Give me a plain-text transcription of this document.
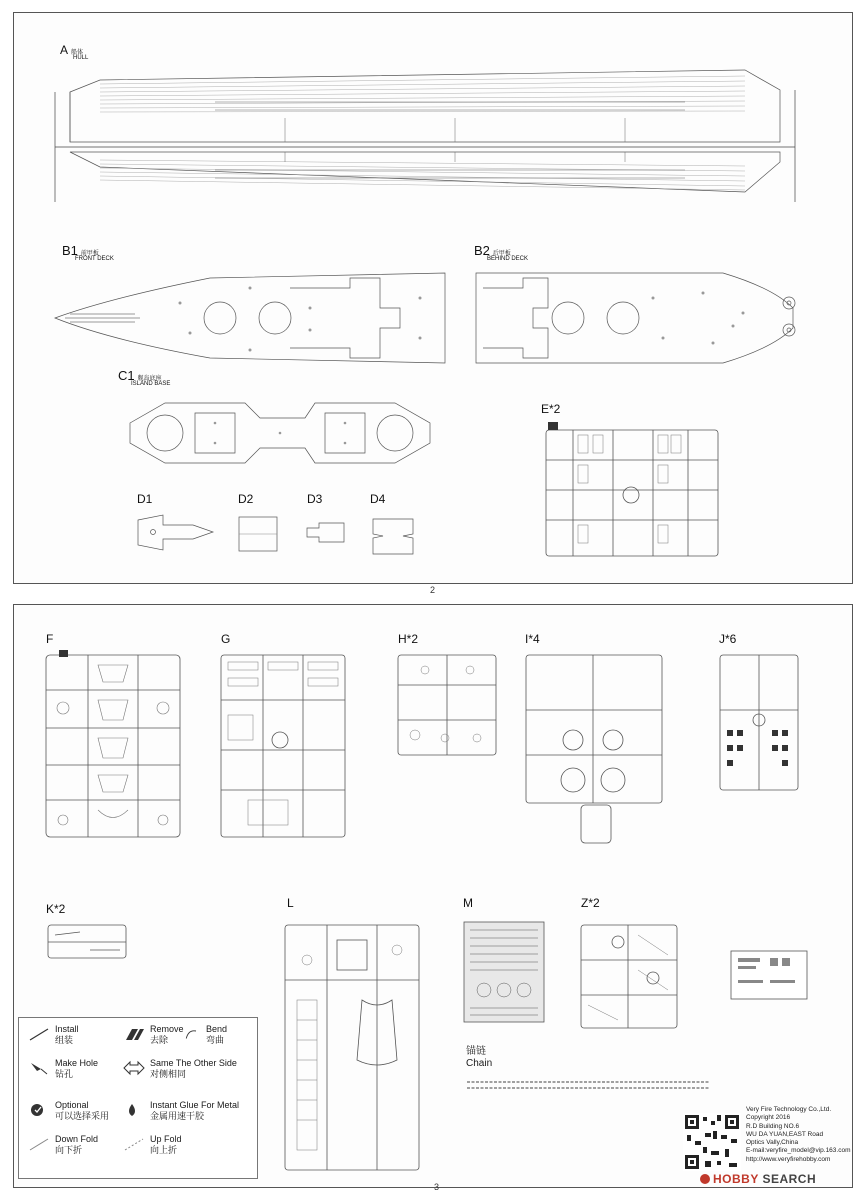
A 船体
HULL
B1 前甲板
FRONT DECK
B2 后甲板
BEHIND DECK
C1 舰岛底座
ISLAND BASE
E*2
D1	D2	D3	D4
2
F	G	H*2	I*4	J*6
K*2	L	M	Z*2
锚链
Chain
Install
组装
Remove
去除
Bend
弯曲
Make Hole
钻孔
Same The Other Side
对侧相同
Optional
可以选择采用
Instant Glue For Metal
金属用速干胶
Down Fold
向下折
Up Fold
向上折
Very Fire Technology Co.,Ltd.
Copyright 2016
R.D Building NO.6
WU DA YUAN,EAST Road
Optics Vally,China
E-mail:veryfire_model@vip.163.com
http://www.veryfirehobby.com
3
HOBBY SEARCH
